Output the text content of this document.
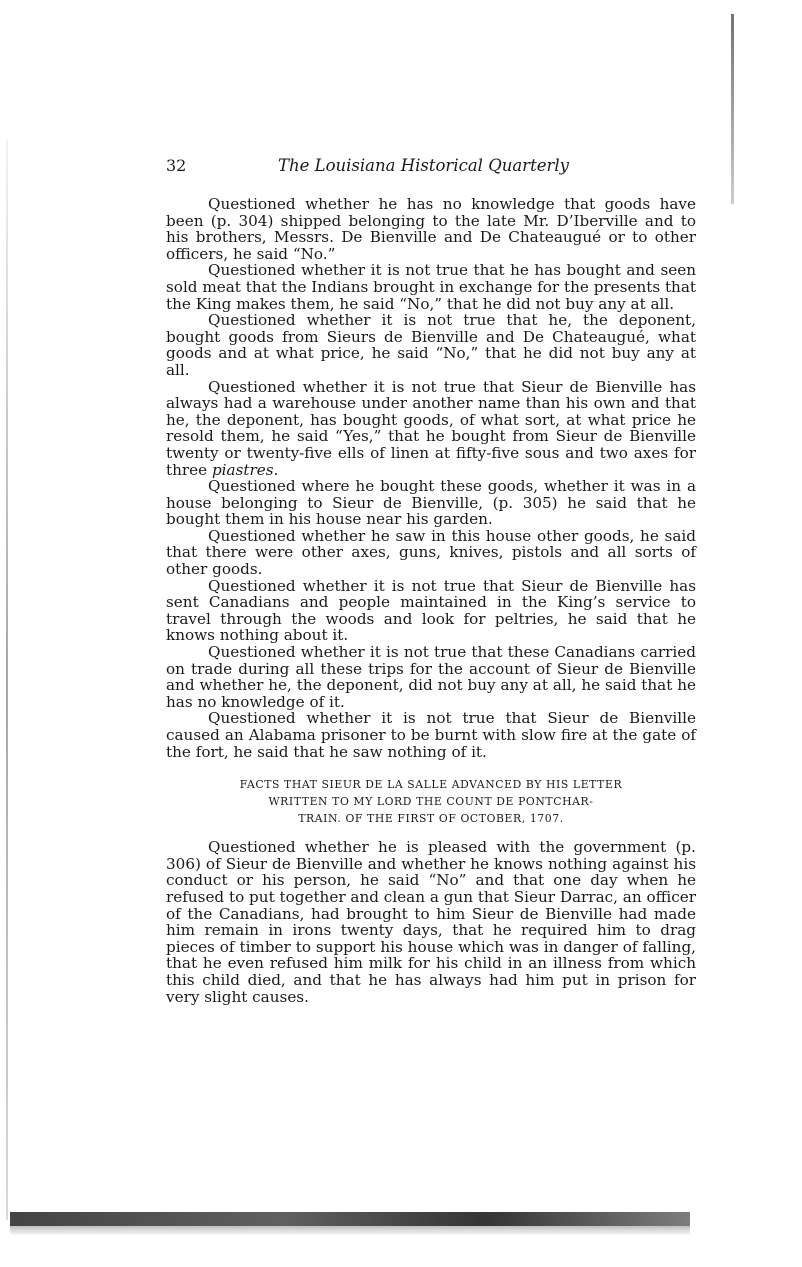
32	The Louisiana Historical Quarterly

Questioned whether he has no knowledge that goods have been (p. 304) shipped belonging to the late Mr. D’Iberville and to his brothers, Messrs. De Bienville and De Chateaugué or to other officers, he said “No.”

Questioned whether it is not true that he has bought and seen sold meat that the Indians brought in exchange for the presents that the King makes them, he said “No,” that he did not buy any at all.

Questioned whether it is not true that he, the deponent, bought goods from Sieurs de Bienville and De Chateaugué, what goods and at what price, he said “No,” that he did not buy any at all.

Questioned whether it is not true that Sieur de Bienville has always had a warehouse under another name than his own and that he, the deponent, has bought goods, of what sort, at what price he resold them, he said “Yes,” that he bought from Sieur de Bienville twenty or twenty-five ells of linen at fifty-five sous and two axes for three piastres.

Questioned where he bought these goods, whether it was in a house belonging to Sieur de Bienville, (p. 305) he said that he bought them in his house near his garden.

Questioned whether he saw in this house other goods, he said that there were other axes, guns, knives, pistols and all sorts of other goods.

Questioned whether it is not true that Sieur de Bienville has sent Canadians and people maintained in the King’s service to travel through the woods and look for peltries, he said that he knows nothing about it.

Questioned whether it is not true that these Canadians carried on trade during all these trips for the account of Sieur de Bienville and whether he, the deponent, did not buy any at all, he said that he has no knowledge of it.

Questioned whether it is not true that Sieur de Bienville caused an Alabama prisoner to be burnt with slow fire at the gate of the fort, he said that he saw nothing of it.

FACTS THAT SIEUR DE LA SALLE ADVANCED BY HIS LETTER
WRITTEN TO MY LORD THE COUNT DE PONTCHAR-
TRAIN. OF THE FIRST OF OCTOBER, 1707.

Questioned whether he is pleased with the government (p. 306) of Sieur de Bienville and whether he knows nothing against his conduct or his person, he said “No” and that one day when he refused to put together and clean a gun that Sieur Darrac, an officer of the Canadians, had brought to him Sieur de Bienville had made him remain in irons twenty days, that he required him to drag pieces of timber to support his house which was in danger of falling, that he even refused him milk for his child in an illness from which this child died, and that he has always had him put in prison for very slight causes.
